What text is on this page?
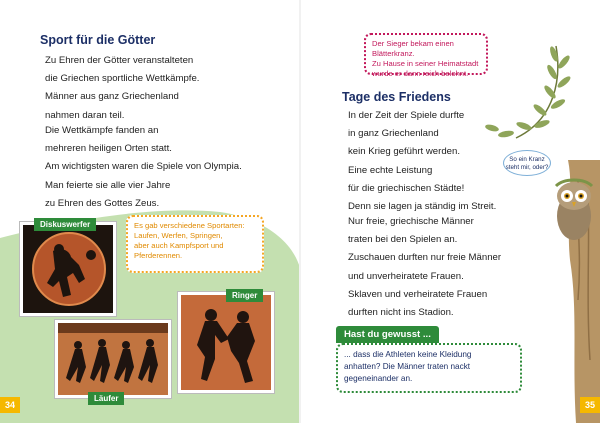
Sport für die Götter
Zu Ehren der Götter veranstalteten
die Griechen sportliche Wettkämpfe.
Männer aus ganz Griechenland
nahmen daran teil.
Die Wettkämpfe fanden an
mehreren heiligen Orten statt.
Am wichtigsten waren die Spiele von Olympia.
Man feierte sie alle vier Jahre
zu Ehren des Gottes Zeus.
Diskuswerfer	Es gab verschiedene Sportarten:
Laufen, Werfen, Springen,
aber auch Kampfsport und
Pferderennen.
Läufer
Ringer
34
Der Sieger bekam einen Blätterkranz.
Zu Hause in seiner Heimatstadt
wurde er dann reich belohnt.
Tage des Friedens
In der Zeit der Spiele durfte
in ganz Griechenland
kein Krieg geführt werden.
Eine echte Leistung
für die griechischen Städte!
Denn sie lagen ja ständig im Streit.
Nur freie, griechische Männer
traten bei den Spielen an.
Zuschauen durften nur freie Männer
und unverheiratete Frauen.
Sklaven und verheiratete Frauen
durften nicht ins Stadion.
So ein Kranz
steht mir, oder?
Hast du gewusst ...
... dass die Athleten keine Kleidung
anhatten? Die Männer traten nackt
gegeneinander an.
35
